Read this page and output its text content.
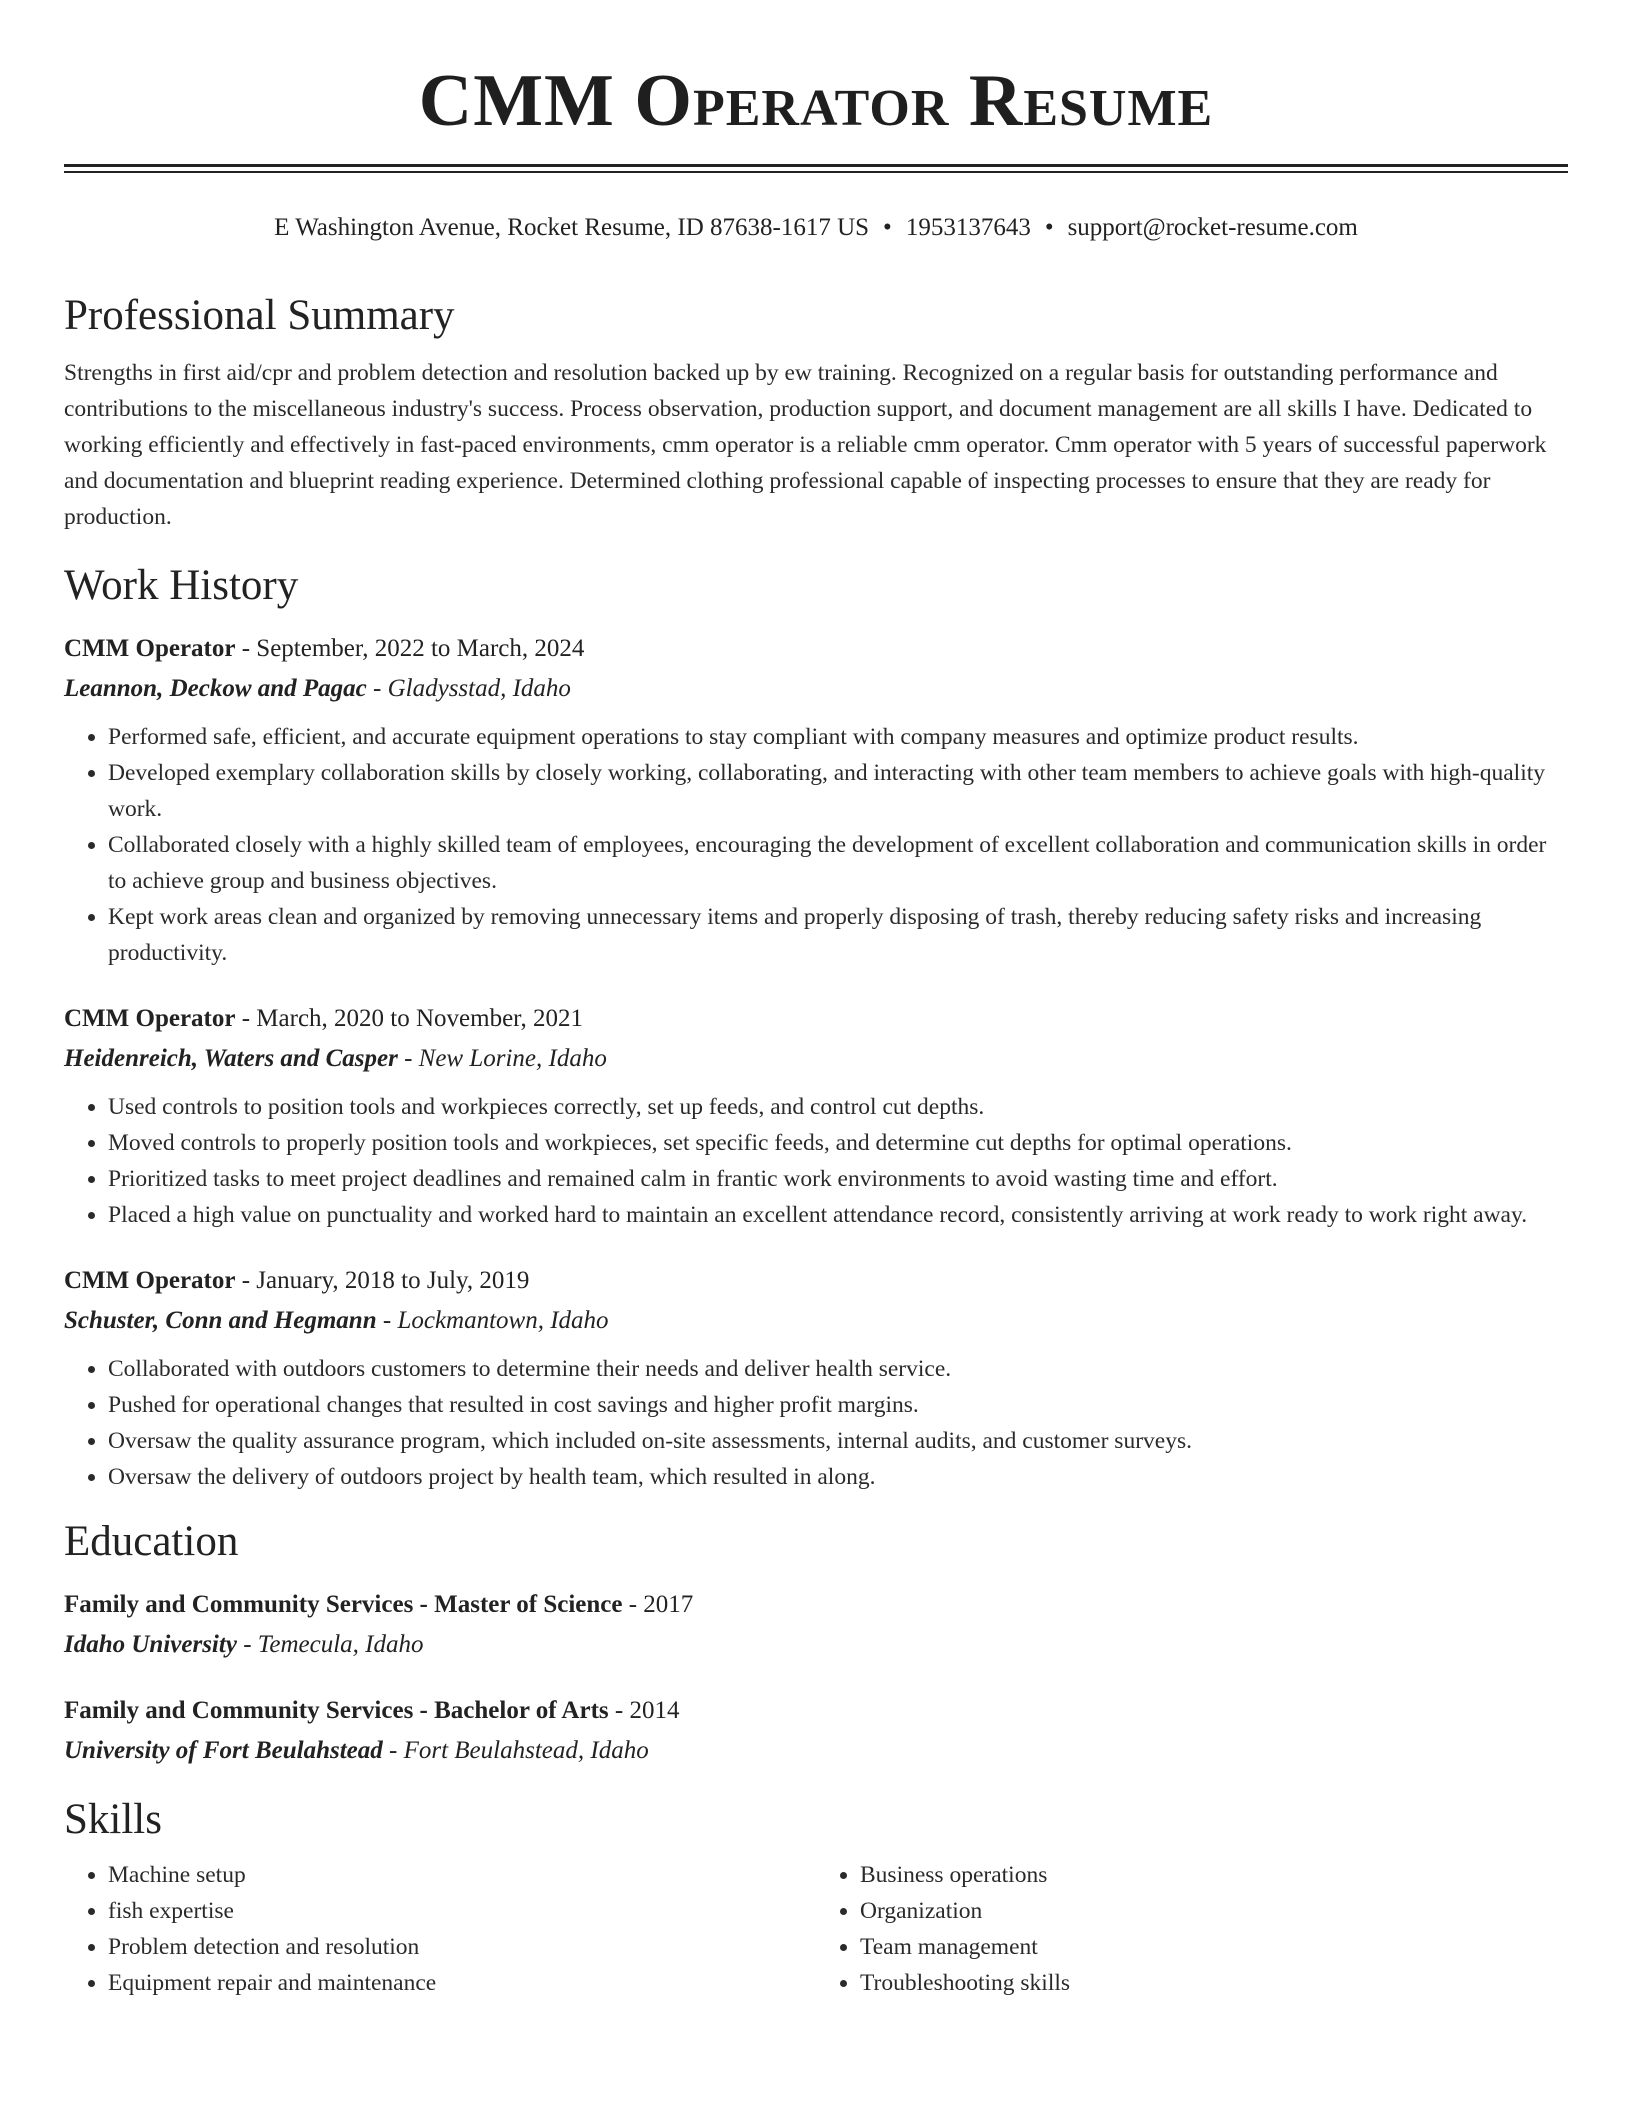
CMM Operator Resume
E Washington Avenue, Rocket Resume, ID 87638-1617 US • 1953137643 • support@rocket-resume.com
Professional Summary

Strengths in first aid/cpr and problem detection and resolution backed up by ew training. Recognized on a regular basis for outstanding performance and contributions to the miscellaneous industry's success. Process observation, production support, and document management are all skills I have. Dedicated to working efficiently and effectively in fast-paced environments, cmm operator is a reliable cmm operator. Cmm operator with 5 years of successful paperwork and documentation and blueprint reading experience. Determined clothing professional capable of inspecting processes to ensure that they are ready for production.

Work History

CMM Operator - September, 2022 to March, 2024

Leannon, Deckow and Pagac - Gladysstad, Idaho

• Performed safe, efficient, and accurate equipment operations to stay compliant with company measures and optimize product results.
• Developed exemplary collaboration skills by closely working, collaborating, and interacting with other team members to achieve goals with high-quality work.
• Collaborated closely with a highly skilled team of employees, encouraging the development of excellent collaboration and communication skills in order to achieve group and business objectives.
• Kept work areas clean and organized by removing unnecessary items and properly disposing of trash, thereby reducing safety risks and increasing productivity.

CMM Operator - March, 2020 to November, 2021

Heidenreich, Waters and Casper - New Lorine, Idaho

• Used controls to position tools and workpieces correctly, set up feeds, and control cut depths.
• Moved controls to properly position tools and workpieces, set specific feeds, and determine cut depths for optimal operations.
• Prioritized tasks to meet project deadlines and remained calm in frantic work environments to avoid wasting time and effort.
• Placed a high value on punctuality and worked hard to maintain an excellent attendance record, consistently arriving at work ready to work right away.

CMM Operator - January, 2018 to July, 2019

Schuster, Conn and Hegmann - Lockmantown, Idaho

• Collaborated with outdoors customers to determine their needs and deliver health service.
• Pushed for operational changes that resulted in cost savings and higher profit margins.
• Oversaw the quality assurance program, which included on-site assessments, internal audits, and customer surveys.
• Oversaw the delivery of outdoors project by health team, which resulted in along.
Education

Family and Community Services - Master of Science - 2017

Idaho University - Temecula, Idaho

Family and Community Services - Bachelor of Arts - 2014

University of Fort Beulahstead - Fort Beulahstead, Idaho

Skills
• Machine setup
• fish expertise
• Problem detection and resolution
• Equipment repair and maintenance
• Business operations
• Organization
• Team management
• Troubleshooting skills
